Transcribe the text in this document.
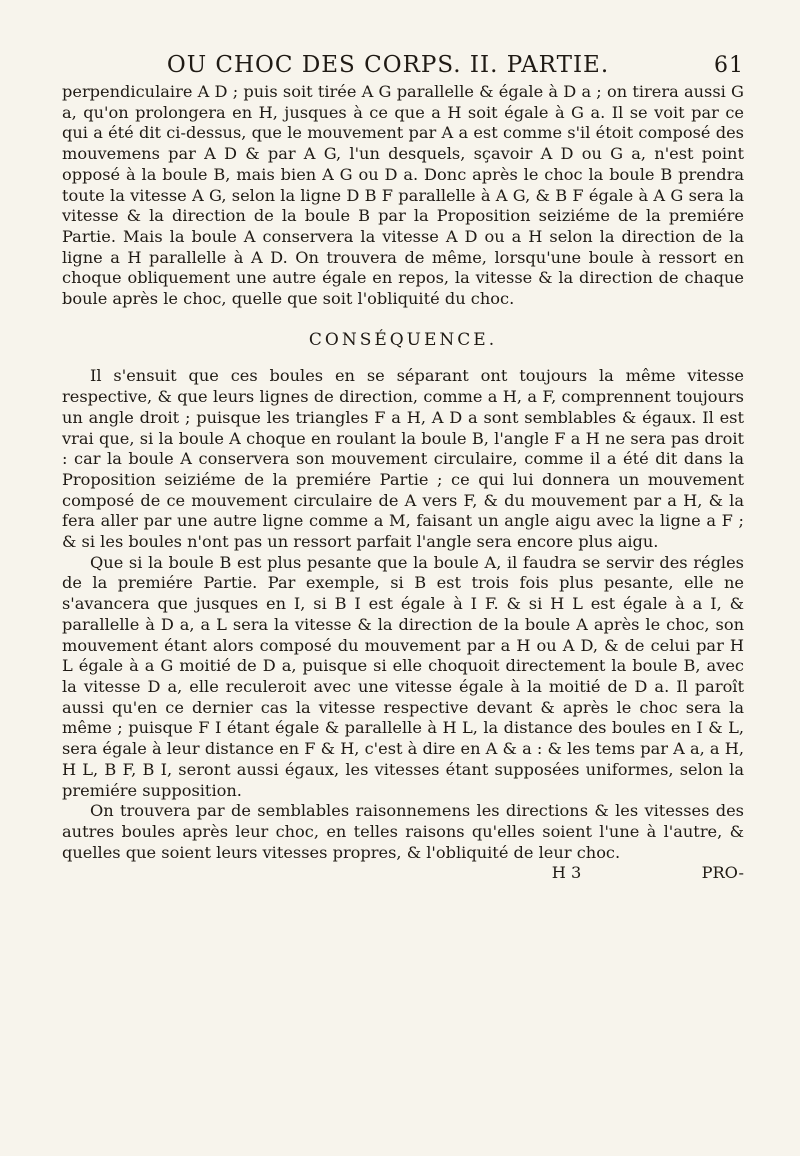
OU CHOC DES CORPS. II. PARTIE.	61

perpendiculaire A D ; puis soit tirée A G parallelle & égale à D a ; on tirera aussi G a, qu'on prolongera en H, jusques à ce que a H soit égale à G a. Il se voit par ce qui a été dit ci-dessus, que le mouvement par A a est comme s'il étoit composé des mouvemens par A D & par A G, l'un desquels, sçavoir A D ou G a, n'est point opposé à la boule B, mais bien A G ou D a. Donc après le choc la boule B prendra toute la vitesse A G, selon la ligne D B F parallelle à A G, & B F égale à A G sera la vitesse & la direction de la boule B par la Proposition seiziéme de la premiére Partie. Mais la boule A conservera la vitesse A D ou a H selon la direction de la ligne a H parallelle à A D. On trouvera de même, lorsqu'une boule à ressort en choque obliquement une autre égale en repos, la vitesse & la direction de chaque boule après le choc, quelle que soit l'obliquité du choc.

CONSÉQUENCE.

Il s'ensuit que ces boules en se séparant ont toujours la même vitesse respective, & que leurs lignes de direction, comme a H, a F, comprennent toujours un angle droit ; puisque les triangles F a H, A D a sont semblables & égaux. Il est vrai que, si la boule A choque en roulant la boule B, l'angle F a H ne sera pas droit : car la boule A conservera son mouvement circulaire, comme il a été dit dans la Proposition seiziéme de la premiére Partie ; ce qui lui donnera un mouvement composé de ce mouvement circulaire de A vers F, & du mouvement par a H, & la fera aller par une autre ligne comme a M, faisant un angle aigu avec la ligne a F ; & si les boules n'ont pas un ressort parfait l'angle sera encore plus aigu.

Que si la boule B est plus pesante que la boule A, il faudra se servir des régles de la premiére Partie. Par exemple, si B est trois fois plus pesante, elle ne s'avancera que jusques en I, si B I est égale à I F. & si H L est égale à a I, & parallelle à D a, a L sera la vitesse & la direction de la boule A après le choc, son mouvement étant alors composé du mouvement par a H ou A D, & de celui par H L égale à a G moitié de D a, puisque si elle choquoit directement la boule B, avec la vitesse D a, elle reculeroit avec une vitesse égale à la moitié de D a. Il paroît aussi qu'en ce dernier cas la vitesse respective devant & après le choc sera la même ; puisque F I étant égale & parallelle à H L, la distance des boules en I & L, sera égale à leur distance en F & H, c'est à dire en A & a : & les tems par A a, a H, H L, B F, B I, seront aussi égaux, les vitesses étant supposées uniformes, selon la premiére supposition.

On trouvera par de semblables raisonnemens les directions & les vitesses des autres boules après leur choc, en telles raisons qu'elles soient l'une à l'autre, & quelles que soient leurs vitesses propres, & l'obliquité de leur choc.

H 3	PRO-
